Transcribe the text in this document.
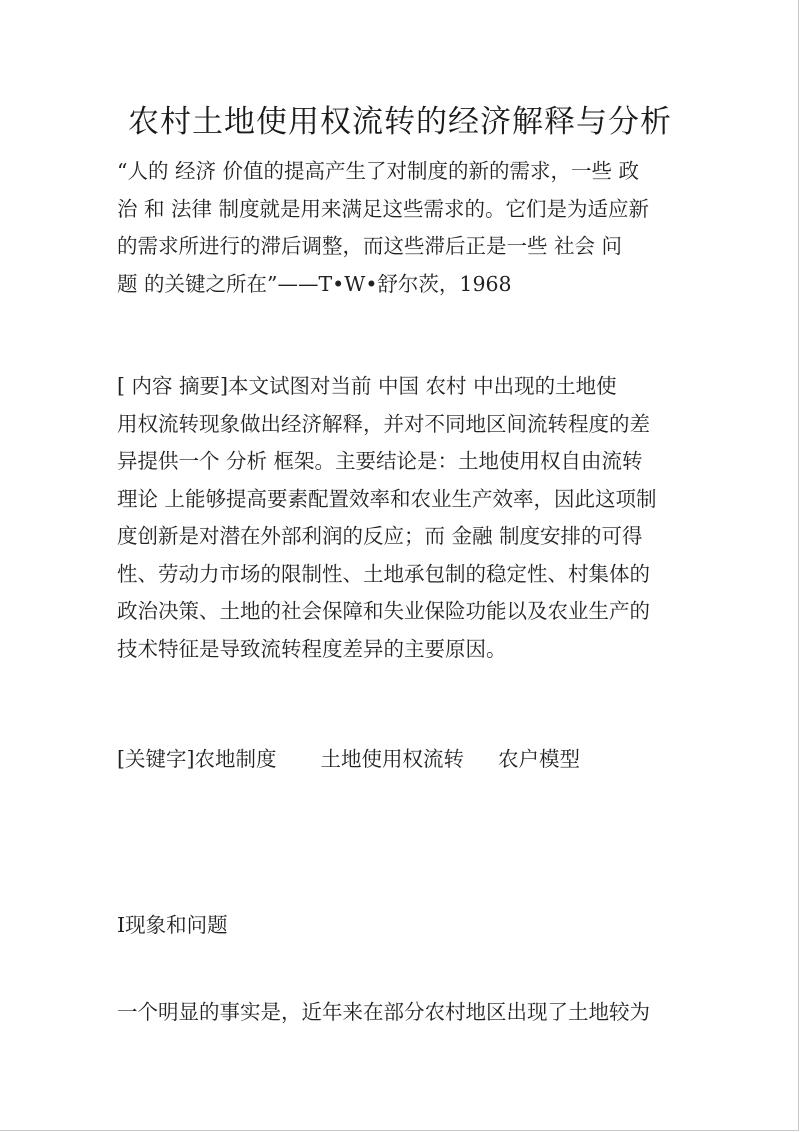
农村土地使用权流转的经济解释与分析
“人的 经济 价值的提高产生了对制度的新的需求，一些 政
治 和 法律 制度就是用来满足这些需求的。它们是为适应新
的需求所进行的滞后调整，而这些滞后正是一些 社会 问
题 的关键之所在”——T•W•舒尔茨，1968
[ 内容 摘要]本文试图对当前 中国 农村 中出现的土地使
用权流转现象做出经济解释，并对不同地区间流转程度的差
异提供一个 分析 框架。主要结论是：土地使用权自由流转
理论 上能够提高要素配置效率和农业生产效率，因此这项制
度创新是对潜在外部利润的反应；而 金融 制度安排的可得
性、劳动力市场的限制性、土地承包制的稳定性、村集体的
政治决策、土地的社会保障和失业保险功能以及农业生产的
技术特征是导致流转程度差异的主要原因。
[关键字]农地制度 土地使用权流转 农户模型
Ⅰ现象和问题
一个明显的事实是，近年来在部分农村地区出现了土地较为
